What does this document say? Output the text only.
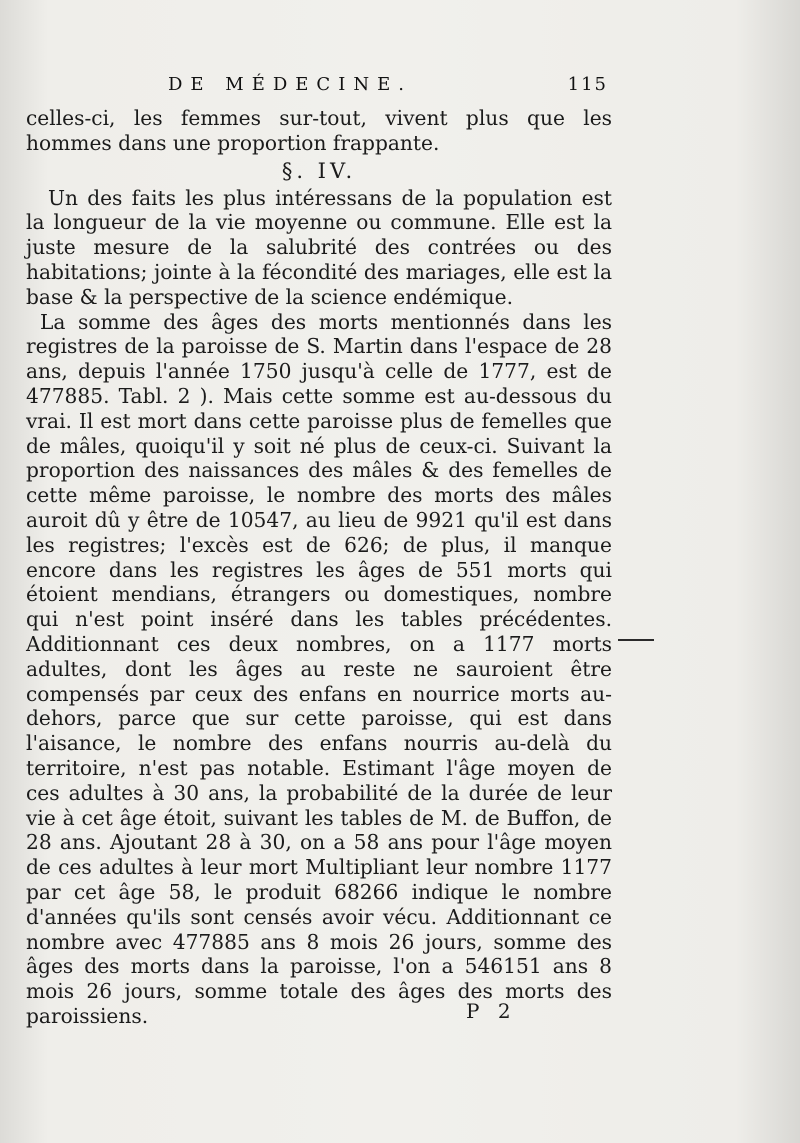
DE MÉDECINE.	115

celles-ci, les femmes sur-tout, vivent plus que les hommes dans une proportion frappante.

§. IV.

Un des faits les plus intéressans de la population est la longueur de la vie moyenne ou commune. Elle est la juste mesure de la salubrité des contrées ou des habitations; jointe à la fécondité des mariages, elle est la base & la perspective de la science endémique.

La somme des âges des morts mentionnés dans les registres de la paroisse de S. Martin dans l'espace de 28 ans, depuis l'année 1750 jusqu'à celle de 1777, est de 477885. Tabl. 2 ). Mais cette somme est au-dessous du vrai. Il est mort dans cette paroisse plus de femelles que de mâles, quoiqu'il y soit né plus de ceux-ci. Suivant la proportion des naissances des mâles & des femelles de cette même paroisse, le nombre des morts des mâles auroit dû y être de 10547, au lieu de 9921 qu'il est dans les registres; l'excès est de 626; de plus, il manque encore dans les registres les âges de 551 morts qui étoient mendians, étrangers ou domestiques, nombre qui n'est point inséré dans les tables précédentes. Additionnant ces deux nombres, on a 1177 morts adultes, dont les âges au reste ne sauroient être compensés par ceux des enfans en nourrice morts au-dehors, parce que sur cette paroisse, qui est dans l'aisance, le nombre des enfans nourris au-delà du territoire, n'est pas notable. Estimant l'âge moyen de ces adultes à 30 ans, la probabilité de la durée de leur vie à cet âge étoit, suivant les tables de M. de Buffon, de 28 ans. Ajoutant 28 à 30, on a 58 ans pour l'âge moyen de ces adultes à leur mort Multipliant leur nombre 1177 par cet âge 58, le produit 68266 indique le nombre d'années qu'ils sont censés avoir vécu. Additionnant ce nombre avec 477885 ans 8 mois 26 jours, somme des âges des morts dans la paroisse, l'on a 546151 ans 8 mois 26 jours, somme totale des âges des morts des paroissiens.	P 2
